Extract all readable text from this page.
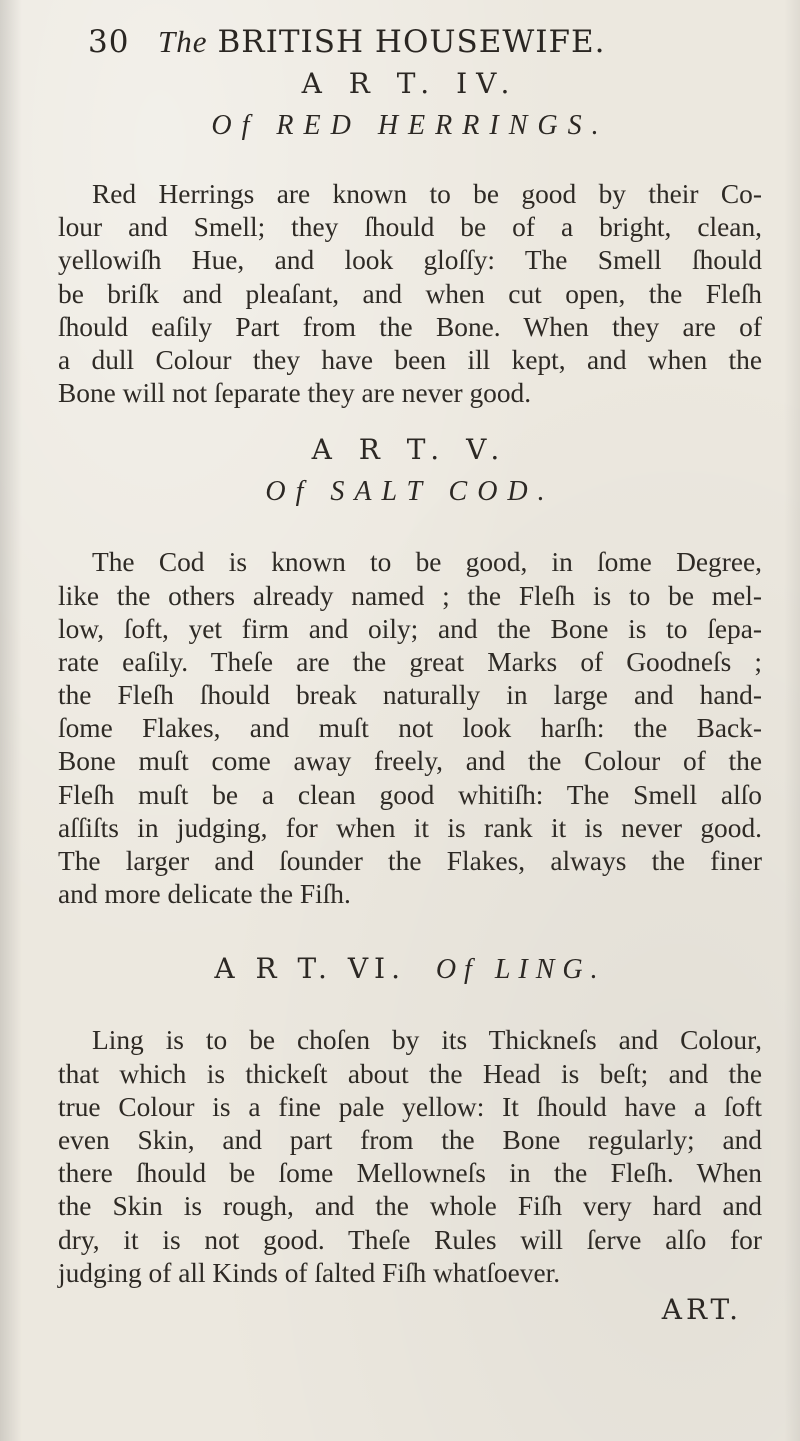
30 The BRITISH HOUSEWIFE.
A R T. IV.
Of RED HERRINGS.
Red Herrings are known to be good by their Co-
lour and Smell; they ſhould be of a bright, clean,
yellowiſh Hue, and look gloſſy: The Smell ſhould
be briſk and pleaſant, and when cut open, the Fleſh
ſhould eaſily Part from the Bone. When they are of
a dull Colour they have been ill kept, and when the
Bone will not ſeparate they are never good.
A R T. V.
Of SALT COD.
The Cod is known to be good, in ſome Degree,
like the others already named ; the Fleſh is to be mel-
low, ſoft, yet firm and oily; and the Bone is to ſepa-
rate eaſily. Theſe are the great Marks of Goodneſs ;
the Fleſh ſhould break naturally in large and hand-
ſome Flakes, and muſt not look harſh: the Back-
Bone muſt come away freely, and the Colour of the
Fleſh muſt be a clean good whitiſh: The Smell alſo
aſſiſts in judging, for when it is rank it is never good.
The larger and ſounder the Flakes, always the finer
and more delicate the Fiſh.
A R T. VI. Of LING.
Ling is to be choſen by its Thickneſs and Colour,
that which is thickeſt about the Head is beſt; and the
true Colour is a fine pale yellow: It ſhould have a ſoft
even Skin, and part from the Bone regularly; and
there ſhould be ſome Mellowneſs in the Fleſh. When
the Skin is rough, and the whole Fiſh very hard and
dry, it is not good. Theſe Rules will ſerve alſo for
judging of all Kinds of ſalted Fiſh whatſoever.
ART.
